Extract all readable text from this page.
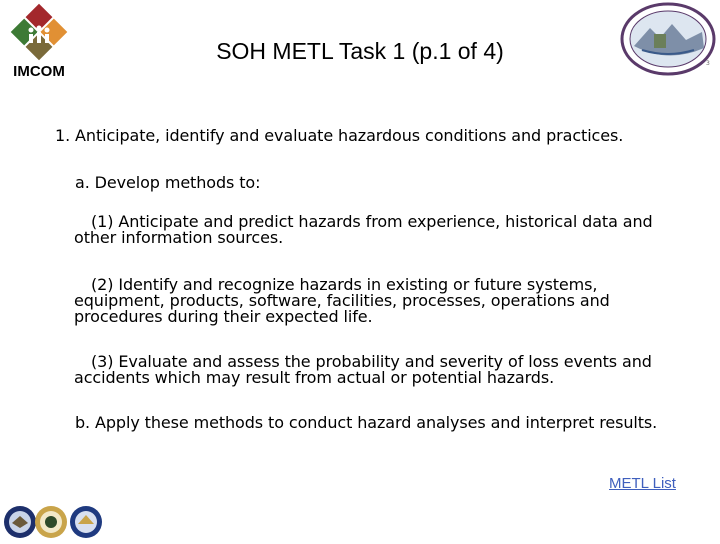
IMCOM
SOH METL Task 1 (p.1 of 4)	3
1. Anticipate, identify and evaluate hazardous conditions and practices.
a. Develop methods to:
(1) Anticipate and predict hazards from experience, historical data and other information sources.
(2) Identify and recognize hazards in existing or future systems, equipment, products, software, facilities, processes, operations and procedures during their expected life.
(3) Evaluate and assess the probability and severity of loss events and accidents which may result from actual or potential hazards.
b. Apply these methods to conduct hazard analyses and interpret results.
METL List
